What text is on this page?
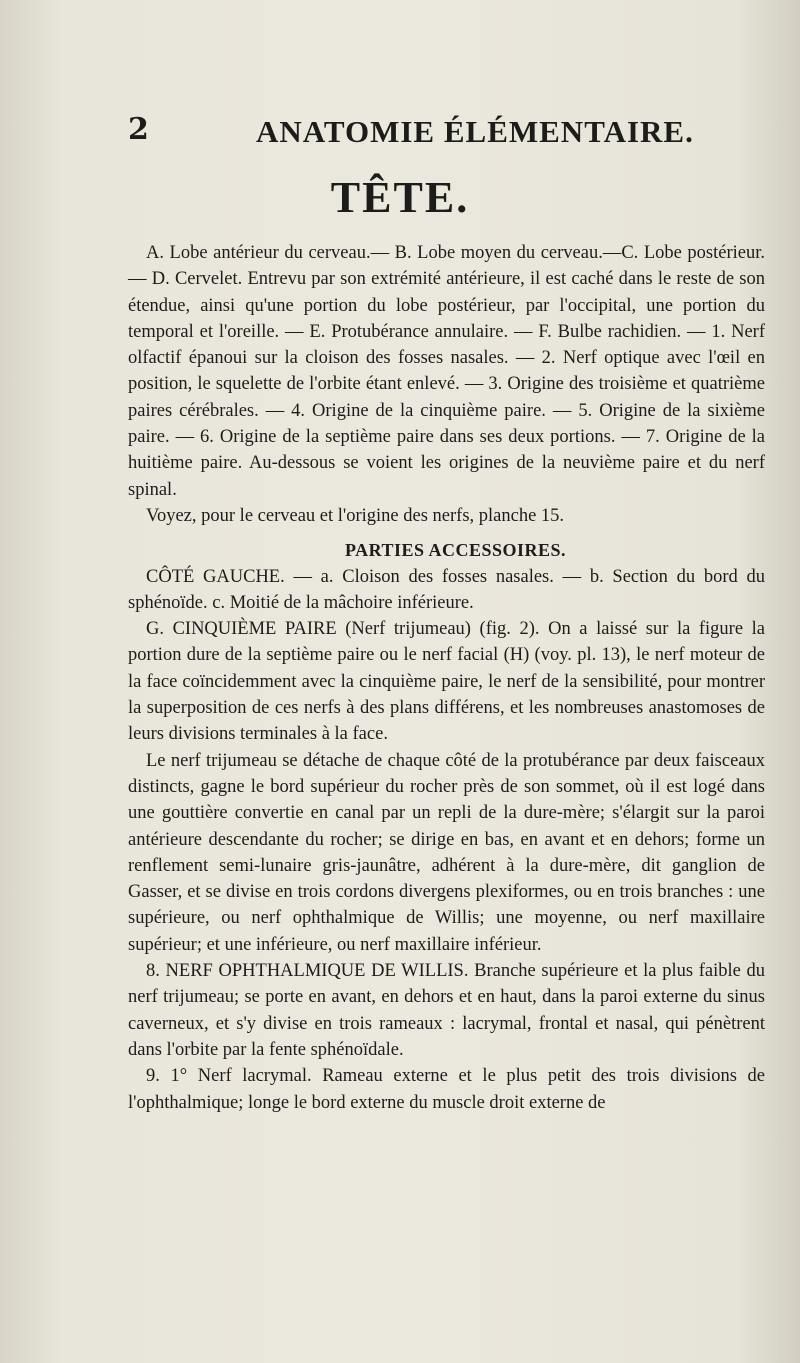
2	ANATOMIE ÉLÉMENTAIRE.
TÊTE.

A. Lobe antérieur du cerveau.— B. Lobe moyen du cerveau.—C. Lobe postérieur. — D. Cervelet. Entrevu par son extrémité antérieure, il est caché dans le reste de son étendue, ainsi qu'une portion du lobe postérieur, par l'occipital, une portion du temporal et l'oreille. — E. Protubérance annulaire. — F. Bulbe rachidien. — 1. Nerf olfactif épanoui sur la cloison des fosses nasales. — 2. Nerf optique avec l'œil en position, le squelette de l'orbite étant enlevé. — 3. Origine des troisième et quatrième paires cérébrales. — 4. Origine de la cinquième paire. — 5. Origine de la sixième paire. — 6. Origine de la septième paire dans ses deux portions. — 7. Origine de la huitième paire. Au-dessous se voient les origines de la neuvième paire et du nerf spinal.

Voyez, pour le cerveau et l'origine des nerfs, planche 15.

PARTIES ACCESSOIRES.

CÔTÉ GAUCHE. — a. Cloison des fosses nasales. — b. Section du bord du sphénoïde. c. Moitié de la mâchoire inférieure.

G. CINQUIÈME PAIRE (Nerf trijumeau) (fig. 2). On a laissé sur la figure la portion dure de la septième paire ou le nerf facial (H) (voy. pl. 13), le nerf moteur de la face coïncidemment avec la cinquième paire, le nerf de la sensibilité, pour montrer la superposition de ces nerfs à des plans différens, et les nombreuses anastomoses de leurs divisions terminales à la face.

Le nerf trijumeau se détache de chaque côté de la protubérance par deux faisceaux distincts, gagne le bord supérieur du rocher près de son sommet, où il est logé dans une gouttière convertie en canal par un repli de la dure-mère; s'élargit sur la paroi antérieure descendante du rocher; se dirige en bas, en avant et en dehors; forme un renflement semi-lunaire gris-jaunâtre, adhérent à la dure-mère, dit ganglion de Gasser, et se divise en trois cordons divergens plexiformes, ou en trois branches : une supérieure, ou nerf ophthalmique de Willis; une moyenne, ou nerf maxillaire supérieur; et une inférieure, ou nerf maxillaire inférieur.

8. NERF OPHTHALMIQUE DE WILLIS. Branche supérieure et la plus faible du nerf trijumeau; se porte en avant, en dehors et en haut, dans la paroi externe du sinus caverneux, et s'y divise en trois rameaux : lacrymal, frontal et nasal, qui pénètrent dans l'orbite par la fente sphénoïdale.

9. 1° Nerf lacrymal. Rameau externe et le plus petit des trois divisions de l'ophthalmique; longe le bord externe du muscle droit externe de
